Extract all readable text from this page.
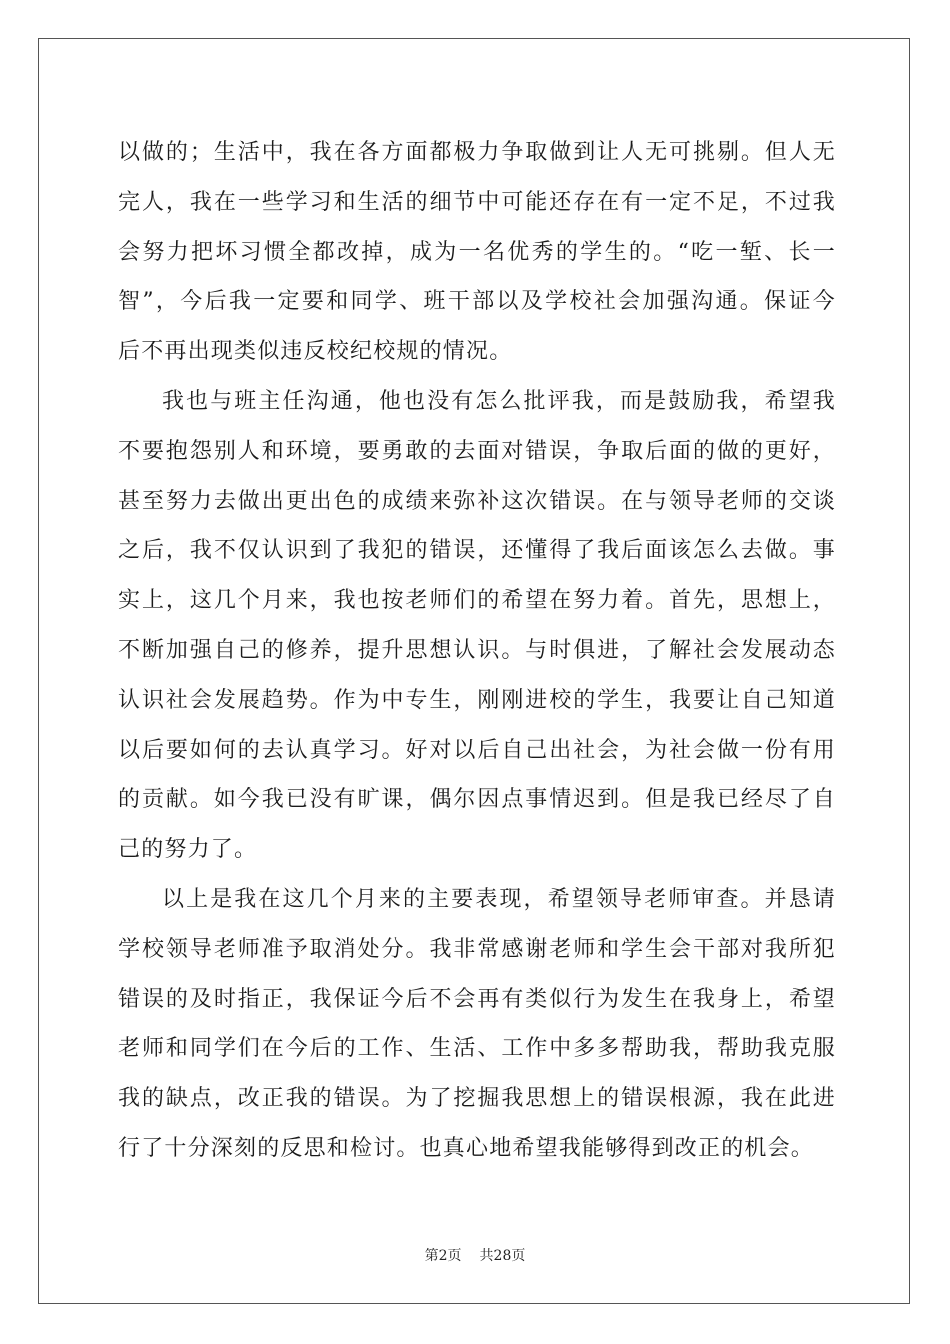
以做的；生活中，我在各方面都极力争取做到让人无可挑剔。但人无
完人，我在一些学习和生活的细节中可能还存在有一定不足，不过我
会努力把坏习惯全都改掉，成为一名优秀的学生的。“吃一堑、长一
智”，今后我一定要和同学、班干部以及学校社会加强沟通。保证今
后不再出现类似违反校纪校规的情况。
我也与班主任沟通，他也没有怎么批评我，而是鼓励我，希望我
不要抱怨别人和环境，要勇敢的去面对错误，争取后面的做的更好，
甚至努力去做出更出色的成绩来弥补这次错误。在与领导老师的交谈
之后，我不仅认识到了我犯的错误，还懂得了我后面该怎么去做。事
实上，这几个月来，我也按老师们的希望在努力着。首先，思想上，
不断加强自己的修养，提升思想认识。与时俱进，了解社会发展动态
认识社会发展趋势。作为中专生，刚刚进校的学生，我要让自己知道
以后要如何的去认真学习。好对以后自己出社会，为社会做一份有用
的贡献。如今我已没有旷课，偶尔因点事情迟到。但是我已经尽了自
己的努力了。
以上是我在这几个月来的主要表现，希望领导老师审查。并恳请
学校领导老师准予取消处分。我非常感谢老师和学生会干部对我所犯
错误的及时指正，我保证今后不会再有类似行为发生在我身上，希望
老师和同学们在今后的工作、生活、工作中多多帮助我，帮助我克服
我的缺点，改正我的错误。为了挖掘我思想上的错误根源，我在此进
行了十分深刻的反思和检讨。也真心地希望我能够得到改正的机会。
第2页 共28页
